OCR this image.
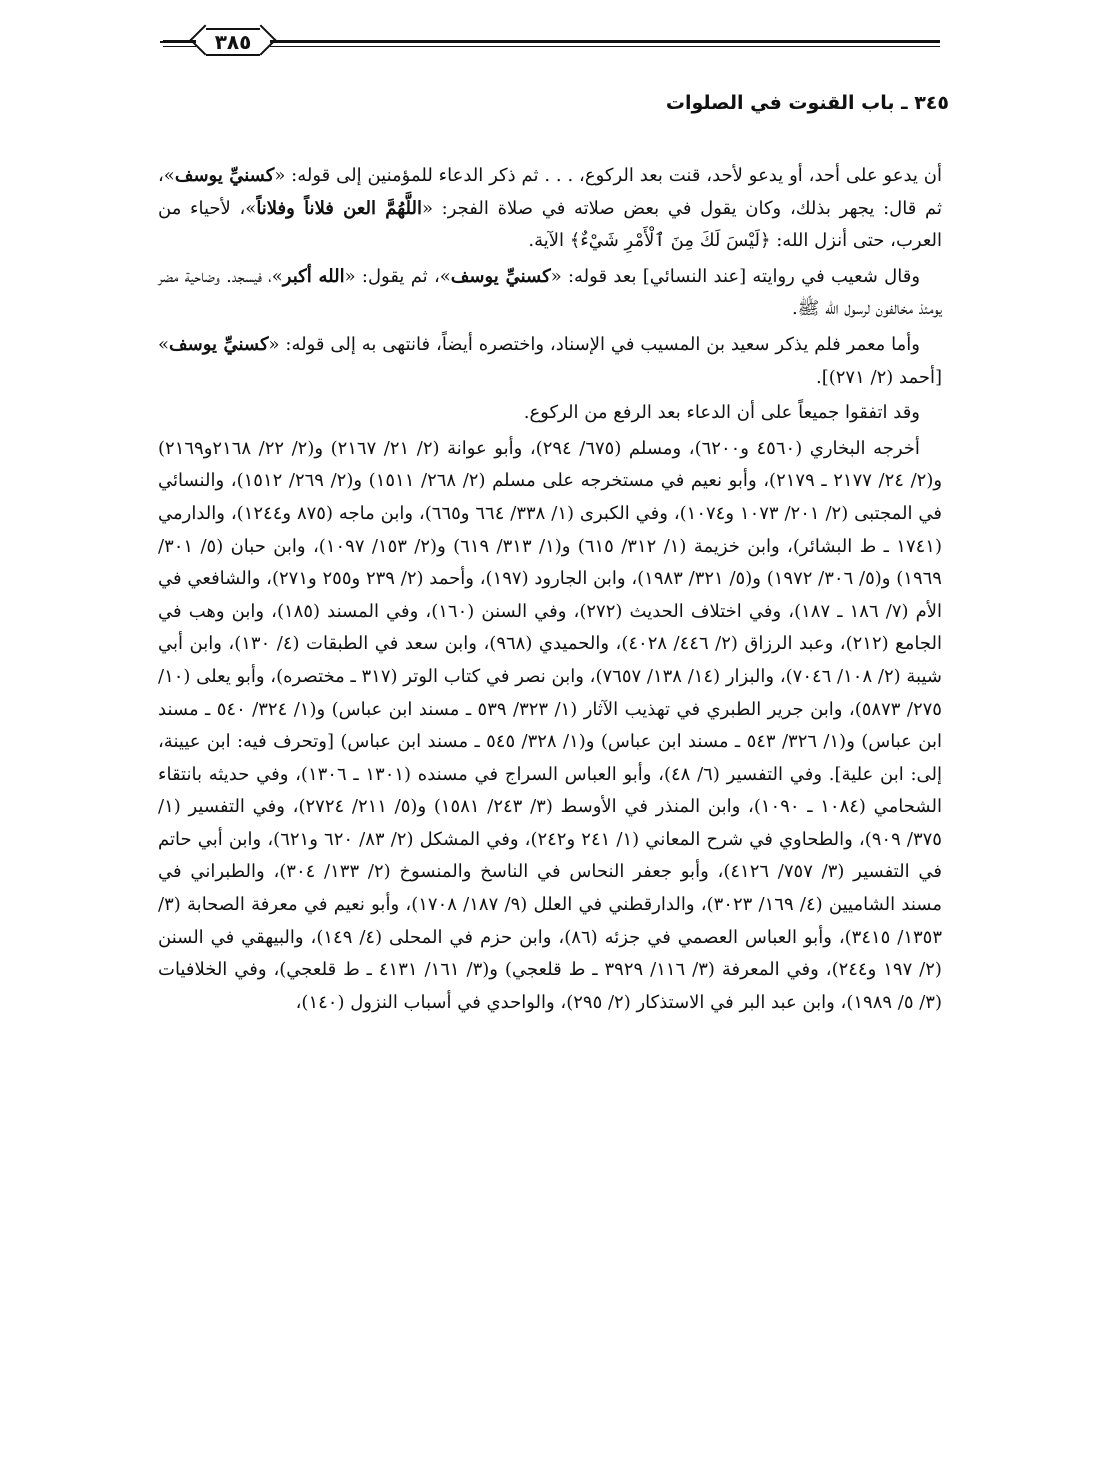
٣٤٥ ـ باب القنوت في الصلوات
٣٨٥

أن يدعو على أحد، أو يدعو لأحد، قنت بعد الركوع، . . . ثم ذكر الدعاء للمؤمنين إلى قوله: «كسنيِّ يوسف»، ثم قال: يجهر بذلك، وكان يقول في بعض صلاته في صلاة الفجر: «اللَّهُمَّ العن فلاناً وفلاناً»، لأحياء من العرب، حتى أنزل الله: ﴿لَيْسَ لَكَ مِنَ ٱلْأَمْرِ شَيْءٌ﴾ الآية.

وقال شعيب في روايته [عند النسائي] بعد قوله: «كسنيِّ يوسف»، ثم يقول: «الله أكبر»، فيسجد. وضاحية مضر يومئذ مخالفون لرسول الله ﷺ.

وأما معمر فلم يذكر سعيد بن المسيب في الإسناد، واختصره أيضاً، فانتهى به إلى قوله: «كسنيِّ يوسف» [أحمد (٢/ ٢٧١)].

وقد اتفقوا جميعاً على أن الدعاء بعد الرفع من الركوع.

أخرجه البخاري (٤٥٦٠ و٦٢٠٠)، ومسلم (٦٧٥/ ٢٩٤)، وأبو عوانة (٢/ ٢١/ ٢١٦٧) و(٢/ ٢٢/ ٢١٦٨و٢١٦٩) و(٢/ ٢٤/ ٢١٧٧ ـ ٢١٧٩)، وأبو نعيم في مستخرجه على مسلم (٢/ ٢٦٨/ ١٥١١) و(٢/ ٢٦٩/ ١٥١٢)، والنسائي في المجتبى (٢/ ٢٠١/ ١٠٧٣ و١٠٧٤)، وفي الكبرى (١/ ٣٣٨/ ٦٦٤ و٦٦٥)، وابن ماجه (٨٧٥ و١٢٤٤)، والدارمي (١٧٤١ ـ ط البشائر)، وابن خزيمة (١/ ٣١٢/ ٦١٥) و(١/ ٣١٣/ ٦١٩) و(٢/ ١٥٣/ ١٠٩٧)، وابن حبان (٥/ ٣٠١/ ١٩٦٩) و(٥/ ٣٠٦/ ١٩٧٢) و(٥/ ٣٢١/ ١٩٨٣)، وابن الجارود (١٩٧)، وأحمد (٢/ ٢٣٩ و٢٥٥ و٢٧١)، والشافعي في الأم (٧/ ١٨٦ ـ ١٨٧)، وفي اختلاف الحديث (٢٧٢)، وفي السنن (١٦٠)، وفي المسند (١٨٥)، وابن وهب في الجامع (٢١٢)، وعبد الرزاق (٢/ ٤٤٦/ ٤٠٢٨)، والحميدي (٩٦٨)، وابن سعد في الطبقات (٤/ ١٣٠)، وابن أبي شيبة (٢/ ١٠٨/ ٧٠٤٦)، والبزار (١٤/ ١٣٨/ ٧٦٥٧)، وابن نصر في كتاب الوتر (٣١٧ ـ مختصره)، وأبو يعلى (١٠/ ٢٧٥/ ٥٨٧٣)، وابن جرير الطبري في تهذيب الآثار (١/ ٣٢٣/ ٥٣٩ ـ مسند ابن عباس) و(١/ ٣٢٤/ ٥٤٠ ـ مسند ابن عباس) و(١/ ٣٢٦/ ٥٤٣ ـ مسند ابن عباس) و(١/ ٣٢٨/ ٥٤٥ ـ مسند ابن عباس) [وتحرف فيه: ابن عيينة، إلى: ابن علية]. وفي التفسير (٦/ ٤٨)، وأبو العباس السراج في مسنده (١٣٠١ ـ ١٣٠٦)، وفي حديثه بانتقاء الشحامي (١٠٨٤ ـ ١٠٩٠)، وابن المنذر في الأوسط (٣/ ٢٤٣/ ١٥٨١) و(٥/ ٢١١/ ٢٧٢٤)، وفي التفسير (١/ ٣٧٥/ ٩٠٩)، والطحاوي في شرح المعاني (١/ ٢٤١ و٢٤٢)، وفي المشكل (٢/ ٨٣/ ٦٢٠ و٦٢١)، وابن أبي حاتم في التفسير (٣/ ٧٥٧/ ٤١٢٦)، وأبو جعفر النحاس في الناسخ والمنسوخ (٢/ ١٣٣/ ٣٠٤)، والطبراني في مسند الشاميين (٤/ ١٦٩/ ٣٠٢٣)، والدارقطني في العلل (٩/ ١٨٧/ ١٧٠٨)، وأبو نعيم في معرفة الصحابة (٣/ ١٣٥٣/ ٣٤١٥)، وأبو العباس العصمي في جزئه (٨٦)، وابن حزم في المحلى (٤/ ١٤٩)، والبيهقي في السنن (٢/ ١٩٧ و٢٤٤)، وفي المعرفة (٣/ ١١٦/ ٣٩٢٩ ـ ط قلعجي) و(٣/ ١٦١/ ٤١٣١ ـ ط قلعجي)، وفي الخلافيات (٣/ ٥/ ١٩٨٩)، وابن عبد البر في الاستذكار (٢/ ٢٩٥)، والواحدي في أسباب النزول (١٤٠)،
